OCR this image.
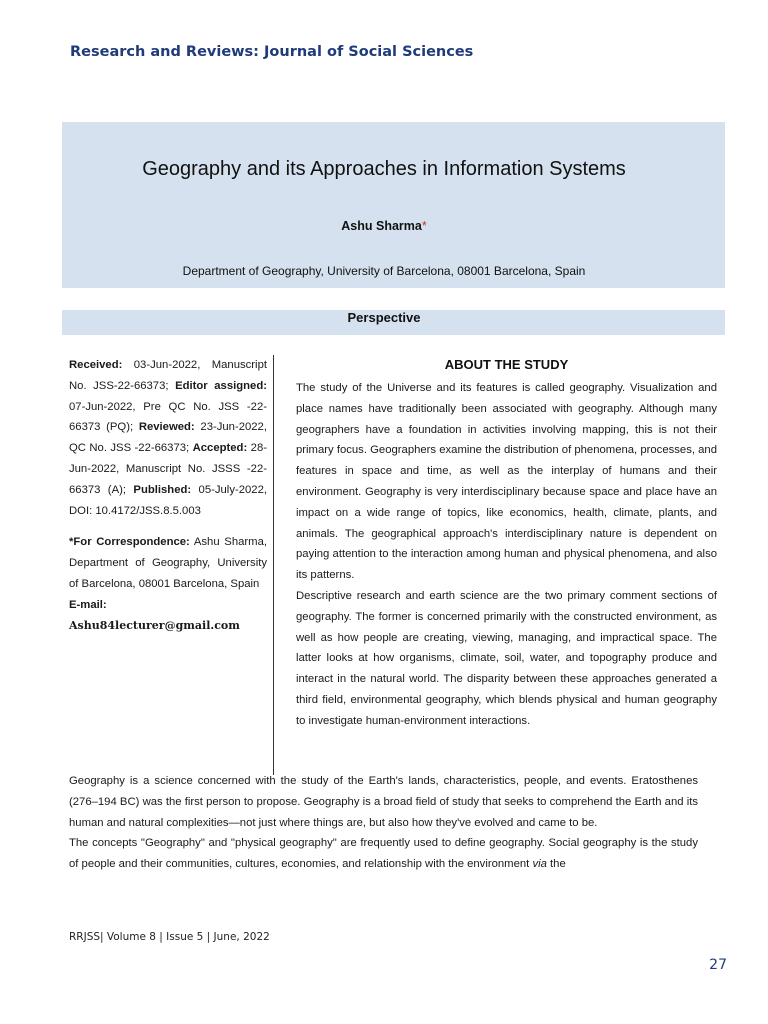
Research and Reviews: Journal of Social Sciences
Geography and its Approaches in Information Systems
Ashu Sharma*
Department of Geography, University of Barcelona, 08001 Barcelona, Spain
Perspective

Received: 03-Jun-2022, Manuscript No. JSS-22-66373; Editor assigned: 07-Jun-2022, Pre QC No. JSS -22-66373 (PQ); Reviewed: 23-Jun-2022, QC No. JSS -22-66373; Accepted: 28-Jun-2022, Manuscript No. JSSS -22-66373 (A); Published: 05-July-2022, DOI: 10.4172/JSS.8.5.003

*For Correspondence: Ashu Sharma, Department of Geography, University of Barcelona, 08001 Barcelona, Spain

E-mail:

Ashu84lecturer@gmail.com

ABOUT THE STUDY

The study of the Universe and its features is called geography. Visualization and place names have traditionally been associated with geography. Although many geographers have a foundation in activities involving mapping, this is not their primary focus. Geographers examine the distribution of phenomena, processes, and features in space and time, as well as the interplay of humans and their environment. Geography is very interdisciplinary because space and place have an impact on a wide range of topics, like economics, health, climate, plants, and animals. The geographical approach's interdisciplinary nature is dependent on paying attention to the interaction among human and physical phenomena, and also its patterns.

Descriptive research and earth science are the two primary comment sections of geography. The former is concerned primarily with the constructed environment, as well as how people are creating, viewing, managing, and impractical space. The latter looks at how organisms, climate, soil, water, and topography produce and interact in the natural world. The disparity between these approaches generated a third field, environmental geography, which blends physical and human geography to investigate human-environment interactions.

Geography is a science concerned with the study of the Earth's lands, characteristics, people, and events. Eratosthenes (276–194 BC) was the first person to propose. Geography is a broad field of study that seeks to comprehend the Earth and its human and natural complexities—not just where things are, but also how they've evolved and came to be.

The concepts "Geography" and "physical geography" are frequently used to define geography. Social geography is the study of people and their communities, cultures, economies, and relationship with the environment via the

RRJSS| Volume 8 | Issue 5 | June, 2022
27
